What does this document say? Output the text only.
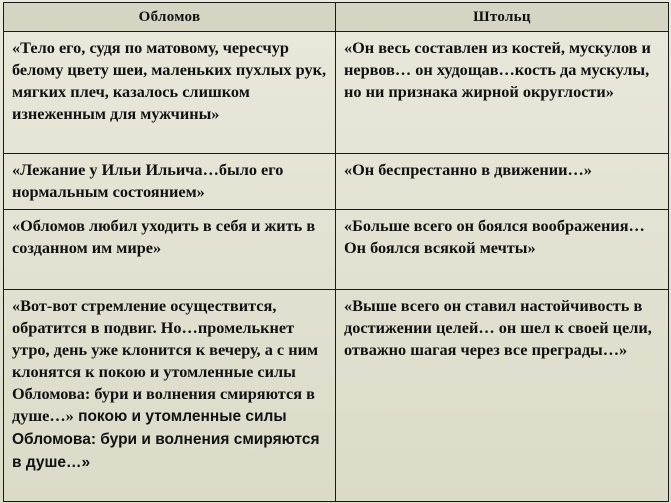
Обломов	Штольц
«Тело его, судя по матовому, чересчур белому цвету шеи, маленьких пухлых рук, мягких плеч, казалось слишком изнеженным для мужчины»	«Он весь составлен из костей, мускулов и нервов… он худощав…кость да мускулы, но ни признака жирной округлости»
«Лежание у Ильи Ильича…было его нормальным состоянием»	«Он беспрестанно в движении…»
«Обломов любил уходить в себя и жить в созданном им мире»	«Больше всего он боялся воображения…Он боялся всякой мечты»
«Вот-вот стремление осуществится, обратится в подвиг. Но…промелькнет утро, день уже клонится к вечеру, а с ним клонятся к покою и утомленные силы Обломова: бури и волнения смиряются в душе…» покою и утомленные силы Обломова: бури и волнения смиряются в душе…»	«Выше всего он ставил настойчивость в достижении целей… он шел к своей цели, отважно шагая через все преграды…»
